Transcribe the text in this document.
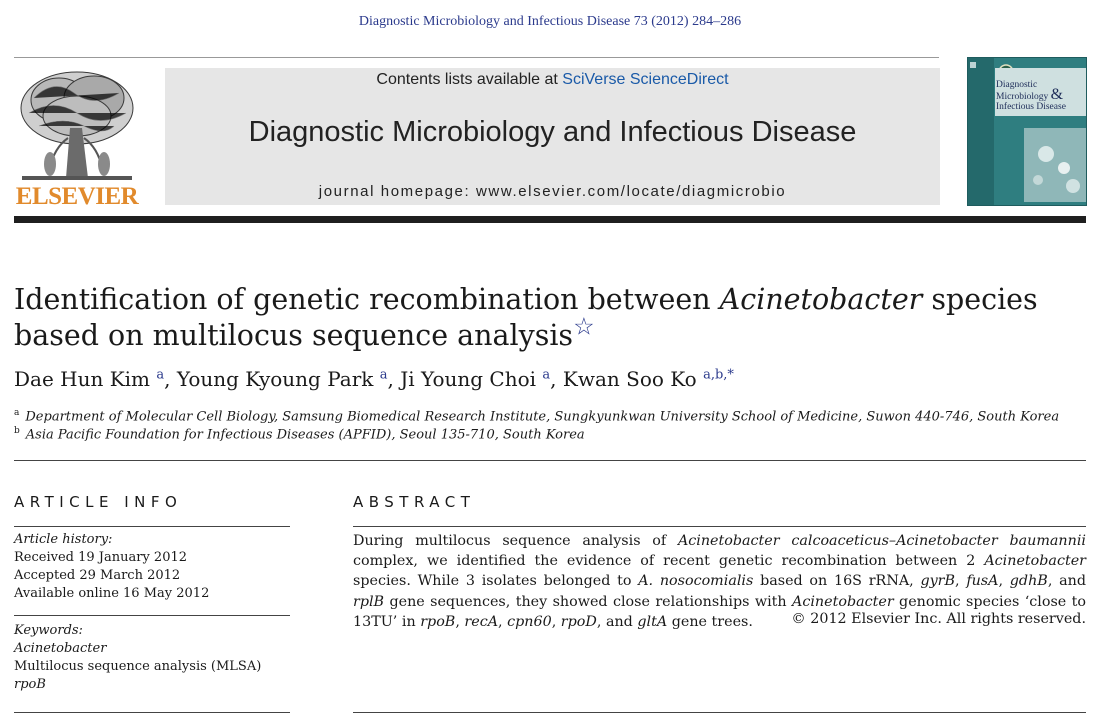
Diagnostic Microbiology and Infectious Disease 73 (2012) 284–286
ELSEVIER
Contents lists available at SciVerse ScienceDirect
Diagnostic Microbiology and Infectious Disease
journal homepage: www.elsevier.com/locate/diagmicrobio
Diagnostic
Microbiology &
Infectious Disease
Identification of genetic recombination between Acinetobacter species based on multilocus sequence analysis☆
Dae Hun Kim $^a$, Young Kyoung Park $^a$, Ji Young Choi $^a$, Kwan Soo Ko $^{a,b,*}$
$^a$ Department of Molecular Cell Biology, Samsung Biomedical Research Institute, Sungkyunkwan University School of Medicine, Suwon 440-746, South Korea
$^b$ Asia Pacific Foundation for Infectious Diseases (APFID), Seoul 135-710, South Korea
ARTICLE INFO
Article history:
Received 19 January 2012
Accepted 29 March 2012
Available online 16 May 2012
Keywords:
Acinetobacter
Multilocus sequence analysis (MLSA)
rpoB
ABSTRACT
During multilocus sequence analysis of Acinetobacter calcoaceticus–Acinetobacter baumannii complex, we identified the evidence of recent genetic recombination between 2 Acinetobacter species. While 3 isolates belonged to A. nosocomialis based on 16S rRNA, gyrB, fusA, gdhB, and rplB gene sequences, they showed close relationships with Acinetobacter genomic species ‘close to 13TU’ in rpoB, recA, cpn60, rpoD, and gltA gene trees.	© 2012 Elsevier Inc. All rights reserved.
